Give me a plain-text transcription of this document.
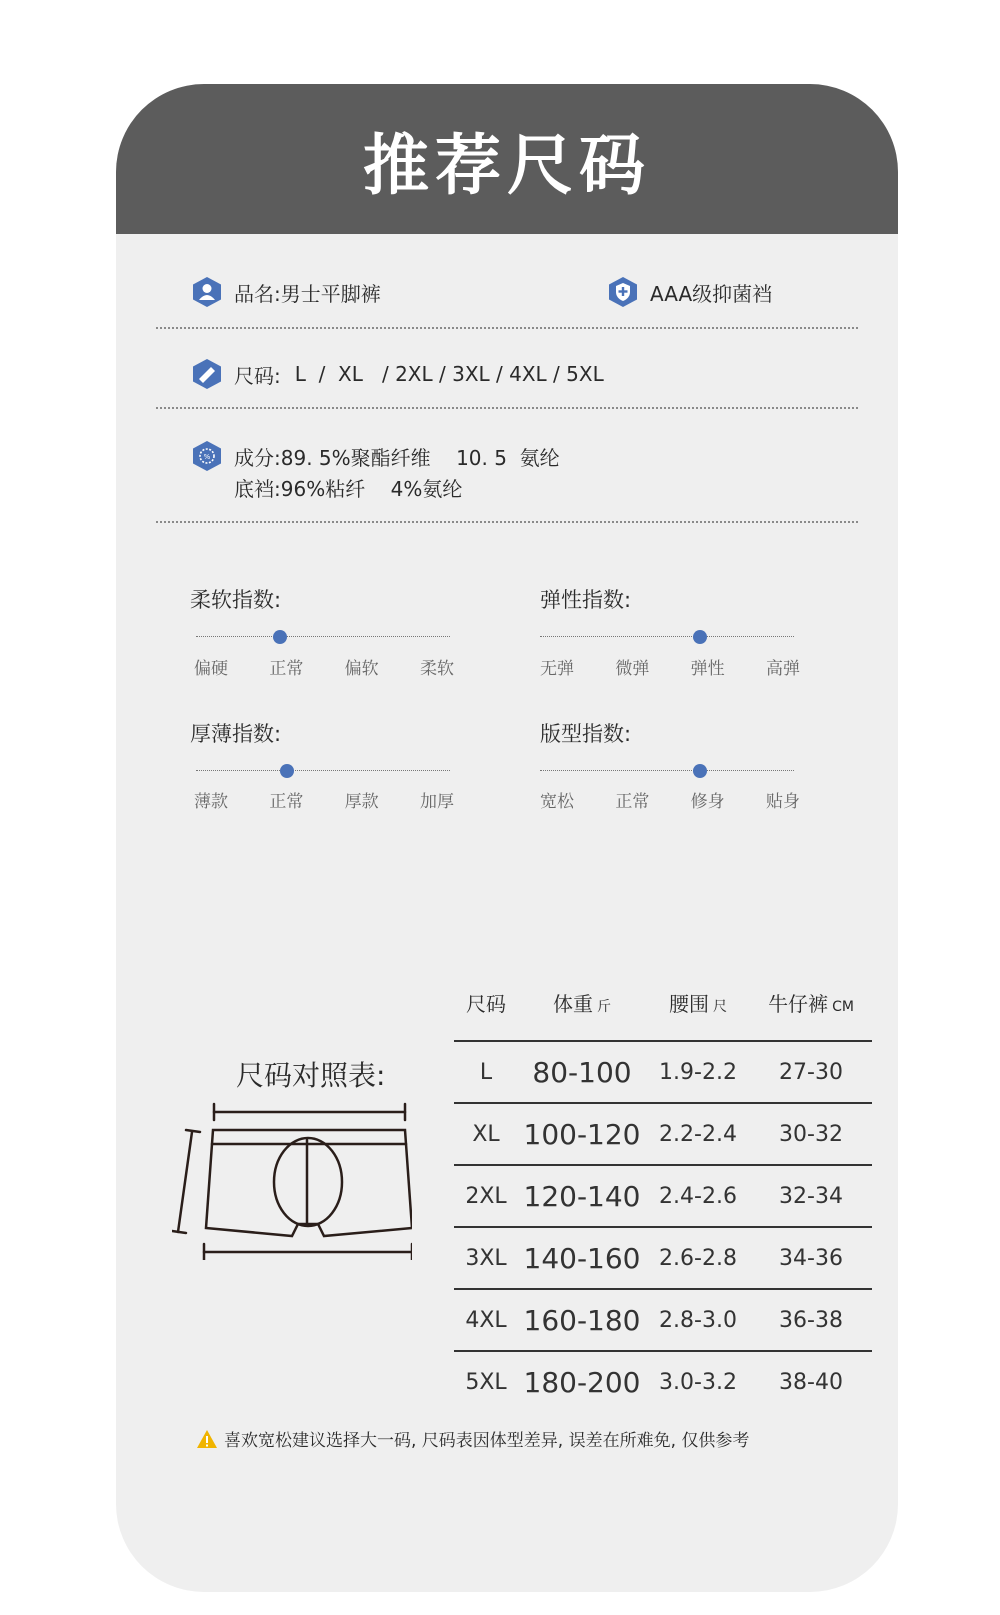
推荐尺码
品名: 男士平脚裤	AAA级抑菌裆
尺码: L  /  XL   / 2XL / 3XL / 4XL / 5XL
% 成分: 89. 5%聚酯纤维    10. 5  氨纶
底裆: 96%粘纤    4%氨纶
柔软指数:
偏硬 正常 偏软 柔软
弹性指数:
无弹 微弹 弹性 高弹
厚薄指数:
薄款 正常 厚款 加厚
版型指数:
宽松 正常 修身 贴身
尺码对照表:
尺码	体重 斤	腰围 尺	牛仔裤 CM
L	80-100	1.9-2.2	27-30
XL 100-120 2.2-2.4	30-32
2XL 120-140 2.4-2.6	32-34
3XL 140-160 2.6-2.8	34-36
4XL 160-180 2.8-3.0	36-38
5XL 180-200 3.0-3.2	38-40
喜欢宽松建议选择大一码, 尺码表因体型差异, 误差在所难免, 仅供参考
